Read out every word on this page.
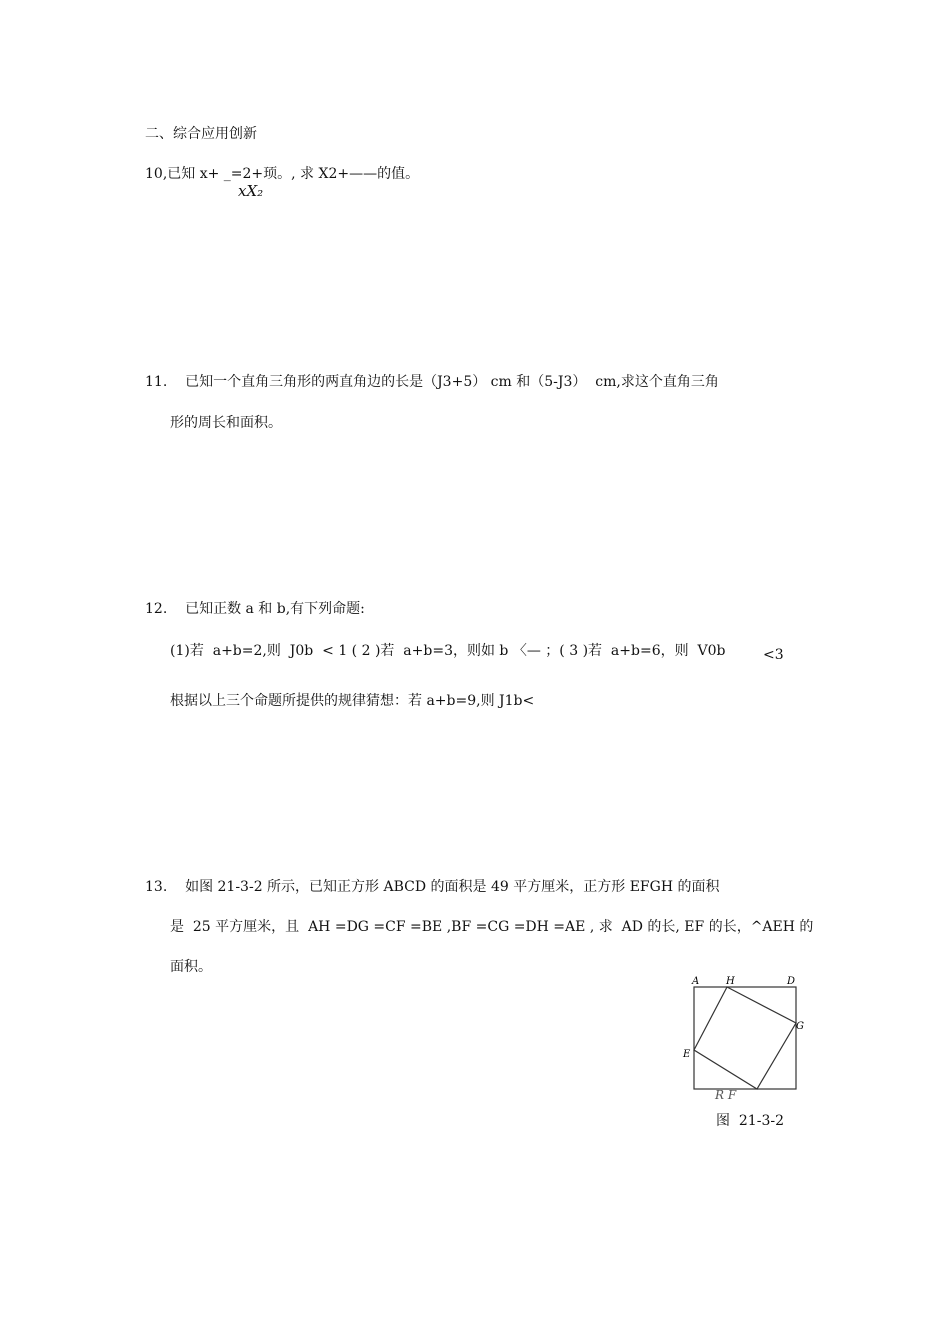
二、综合应用创新
10,已知 x+ _=2+顼。, 求 X2+——的值。
xX₂
11.    已知一个直角三角形的两直角边的长是（J3+5） cm 和（5-J3）  cm,求这个直角三角
形的周长和面积。
12.    已知正数 a 和 b,有下列命题:
(1)若  a+b=2,则  J0b  < 1 ( 2 )若  a+b=3，则如 b 〈— ；( 3 )若  a+b=6，则  V0b	<3
根据以上三个命题所提供的规律猜想：若 a+b=9,则 J1b<
13.    如图 21-3-2 所示，已知正方形 ABCD 的面积是 49 平方厘米，正方形 EFGH 的面积
是  25 平方厘米，且  AH =DG =CF =BE ,BF =CG =DH =AE , 求  AD 的长, EF 的长，^AEH 的
面积。
A	H	D
G
E
R F
图  21-3-2
